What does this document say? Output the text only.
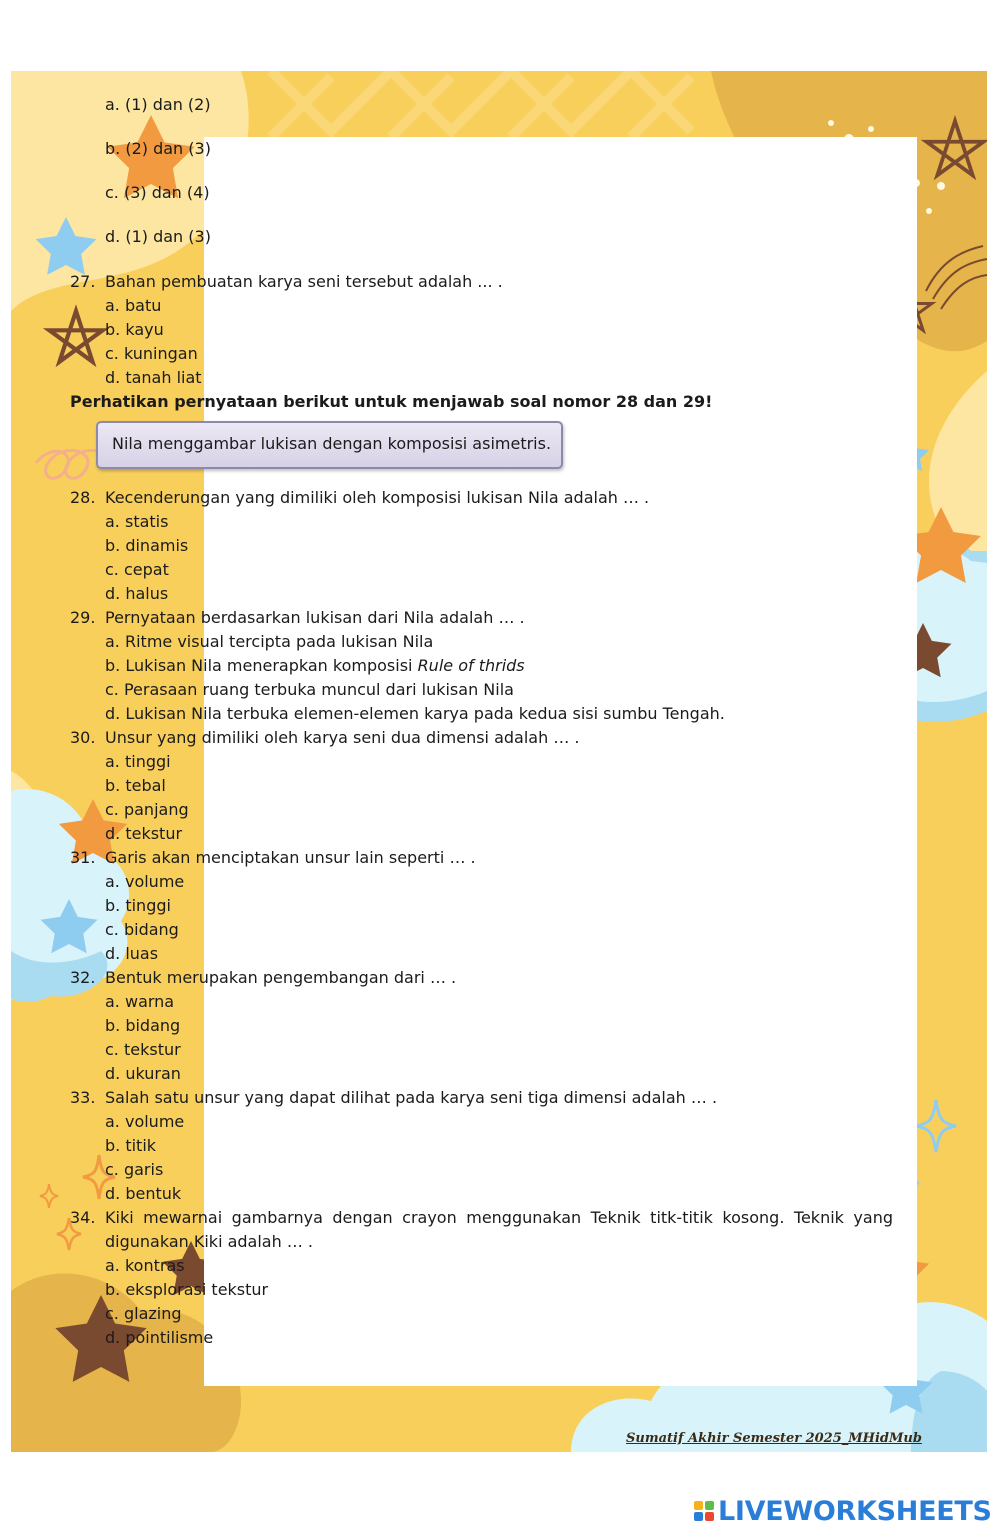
a. (1) dan (2)
b. (2) dan (3)
c. (3) dan (4)
d. (1) dan (3)
27. Bahan pembuatan karya seni tersebut adalah ... .
a. batu
b. kayu
c. kuningan
d. tanah liat
Perhatikan pernyataan berikut untuk menjawab soal nomor 28 dan 29!
Nila menggambar lukisan dengan komposisi asimetris.
28. Kecenderungan yang dimiliki oleh komposisi lukisan Nila adalah … .
a. statis
b. dinamis
c. cepat
d. halus
29. Pernyataan berdasarkan lukisan dari Nila adalah … .
a. Ritme visual tercipta pada lukisan Nila
b. Lukisan Nila menerapkan komposisi Rule of thrids
c. Perasaan ruang terbuka muncul dari lukisan Nila
d. Lukisan Nila terbuka elemen-elemen karya pada kedua sisi sumbu Tengah.
30. Unsur yang dimiliki oleh karya seni dua dimensi adalah … .
a. tinggi
b. tebal
c. panjang
d. tekstur
31. Garis akan menciptakan unsur lain seperti … .
a. volume
b. tinggi
c. bidang
d. luas
32. Bentuk merupakan pengembangan dari … .
a. warna
b. bidang
c. tekstur
d. ukuran
33. Salah satu unsur yang dapat dilihat pada karya seni tiga dimensi adalah … .
a. volume
b. titik
c. garis
d. bentuk
34. Kiki mewarnai gambarnya dengan crayon menggunakan Teknik titk-titik kosong. Teknik yang
digunakan Kiki adalah … .
a. kontras
b. eksplorasi tekstur
c. glazing
d. pointilisme
Sumatif Akhir Semester 2025_MHidMub
LIVEWORKSHEETS
